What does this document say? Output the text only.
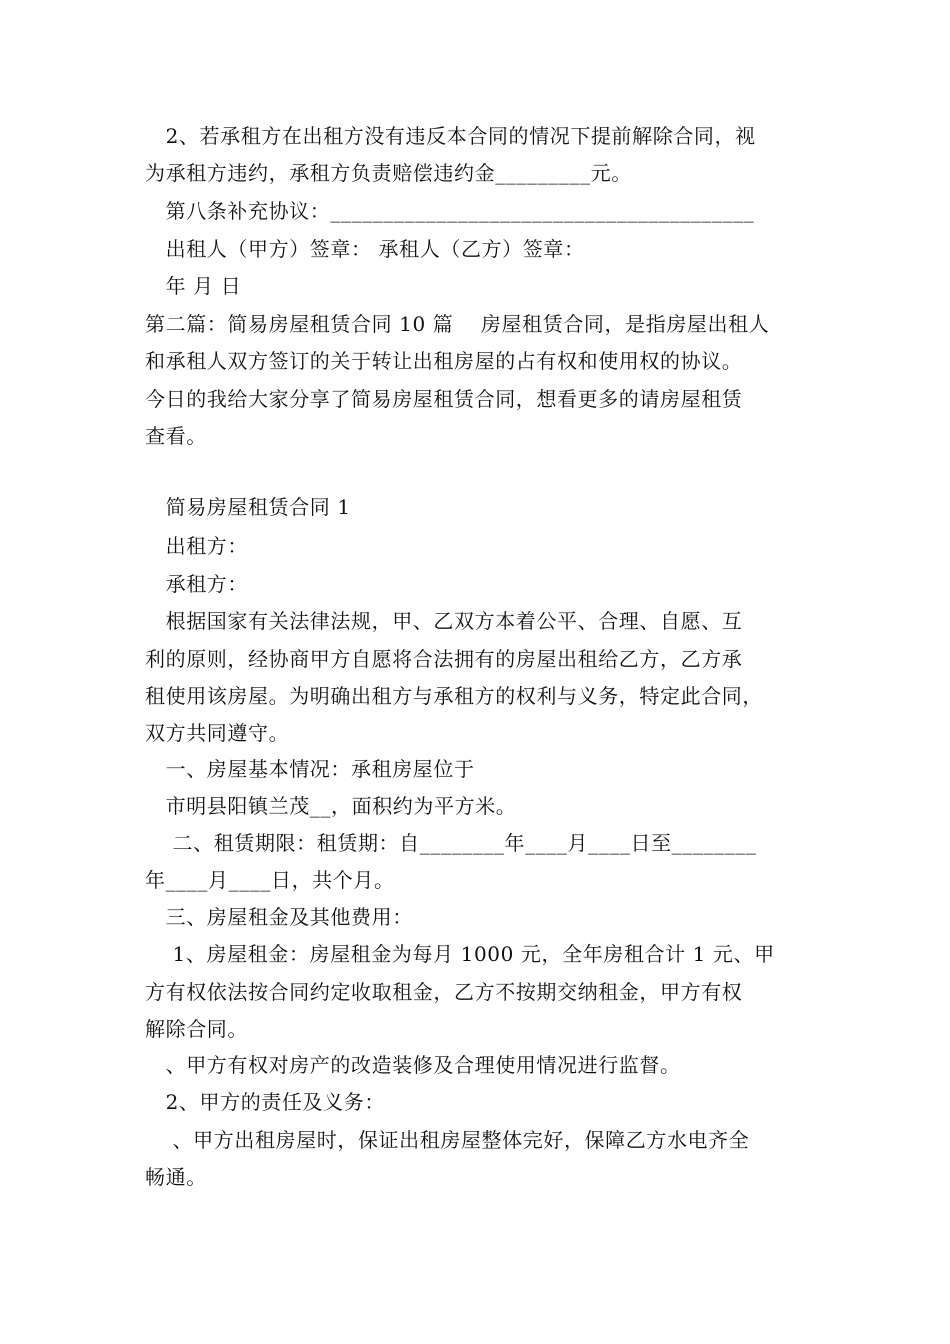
　2、若承租方在出租方没有违反本合同的情况下提前解除合同，视
为承租方违约，承租方负责赔偿违约金_________元。
　第八条补充协议：________________________________________
　出租人（甲方）签章： 承租人（乙方）签章：
　年 月 日
第二篇：简易房屋租赁合同 10 篇　 房屋租赁合同，是指房屋出租人
和承租人双方签订的关于转让出租房屋的占有权和使用权的协议。
今日的我给大家分享了简易房屋租赁合同，想看更多的请房屋租赁
查看。
　简易房屋租赁合同 1
　出租方：
　承租方：
　根据国家有关法律法规，甲、乙双方本着公平、合理、自愿、互
利的原则，经协商甲方自愿将合法拥有的房屋出租给乙方，乙方承
租使用该房屋。为明确出租方与承租方的权利与义务，特定此合同，
双方共同遵守。
　一、房屋基本情况：承租房屋位于
　市明县阳镇兰茂__，面积约为平方米。
　 二、租赁期限：租赁期：自________年____月____日至________
年____月____日，共个月。
　三、房屋租金及其他费用：
　 1、房屋租金：房屋租金为每月 1000 元，全年房租合计 1 元、甲
方有权依法按合同约定收取租金，乙方不按期交纳租金，甲方有权
解除合同。
　、甲方有权对房产的改造装修及合理使用情况进行监督。
　2、甲方的责任及义务：
　 、甲方出租房屋时，保证出租房屋整体完好，保障乙方水电齐全
畅通。
